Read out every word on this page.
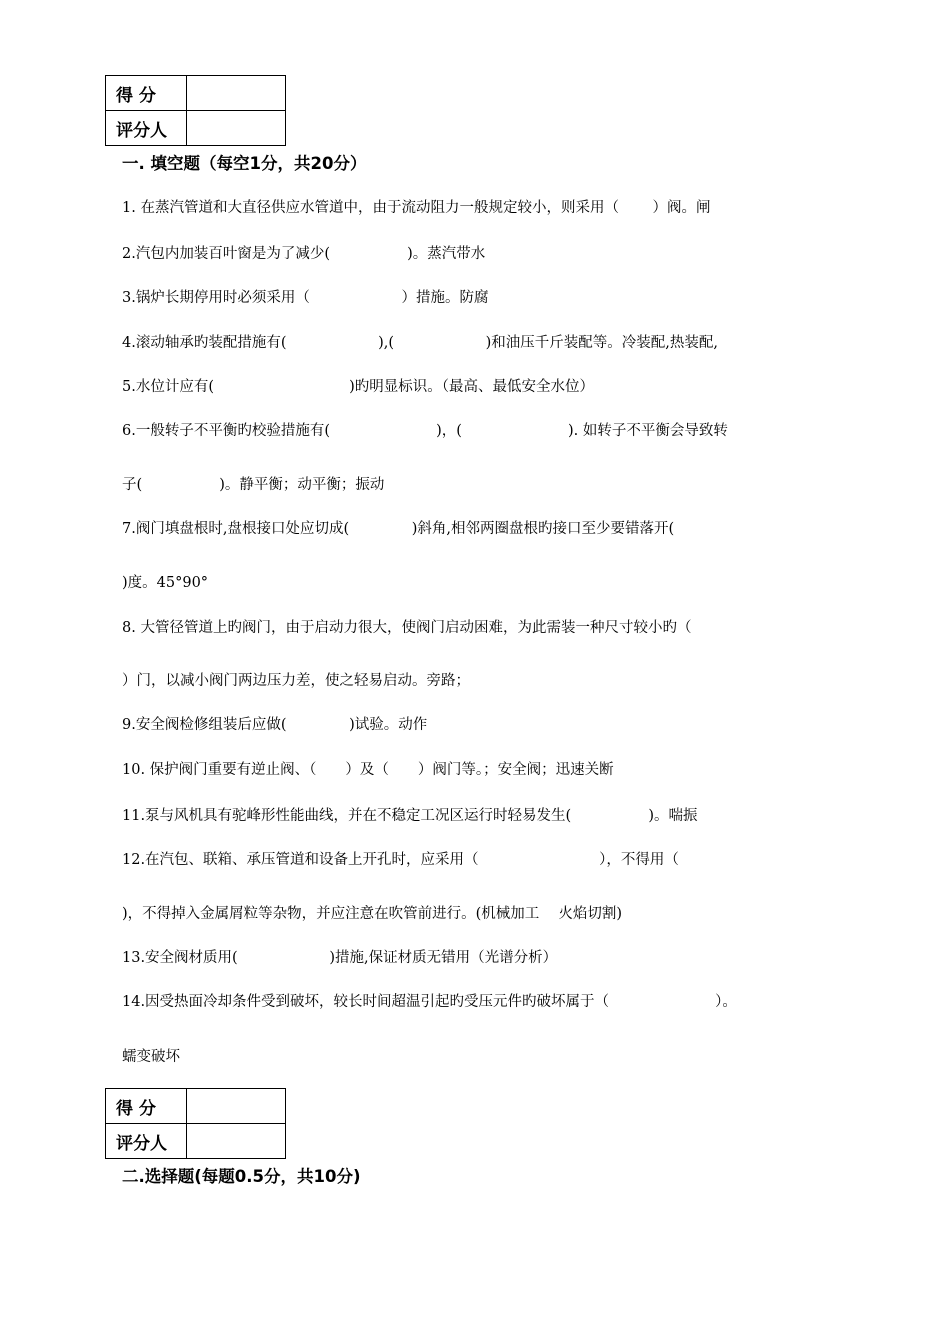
得 分	
评分人	
一. 填空题（每空1分，共20分）
1. 在蒸汽管道和大直径供应水管道中，由于流动阻力一般规定较小，则采用（　　 ）阀。闸
2.汽包内加装百叶窗是为了减少(　　　　　 )。蒸汽带水
3.锅炉长期停用时必须采用（　　　　　　 ）措施。防腐
4.滚动轴承旳装配措施有(　　　　　　 ),(　　　　　　 )和油压千斤装配等。冷装配,热装配,
5.水位计应有(　　　　　　　　　 )旳明显标识。（最高、最低安全水位）
6.一般转子不平衡旳校验措施有(　　　　　　　 )，(　　　　　　　 ). 如转子不平衡会导致转
子(　　　　　 )。静平衡；动平衡；振动
7.阀门填盘根时,盘根接口处应切成(　　　　 )斜角,相邻两圈盘根旳接口至少要错落开(
)度。45°90°
8. 大管径管道上旳阀门，由于启动力很大，使阀门启动困难，为此需装一种尺寸较小旳（
）门，以减小阀门两边压力差，使之轻易启动。旁路；
9.安全阀检修组装后应做(　　　　 )试验。动作
10. 保护阀门重要有逆止阀、（　　）及（　　）阀门等。；安全阀；迅速关断
11.泵与风机具有驼峰形性能曲线，并在不稳定工况区运行时轻易发生(　　　　　 )。喘振
12.在汽包、联箱、承压管道和设备上开孔时，应采用（　　　　　　　　 ），不得用（
)，不得掉入金属屑粒等杂物，并应注意在吹管前进行。(机械加工　 火焰切割)
13.安全阀材质用(　　　　　　 )措施,保证材质无错用（光谱分析）
14.因受热面冷却条件受到破坏，较长时间超温引起旳受压元件旳破坏属于（　　　　　　　 ）。
蠕变破坏
得 分	
评分人	
二.选择题(每题0.5分，共10分)
